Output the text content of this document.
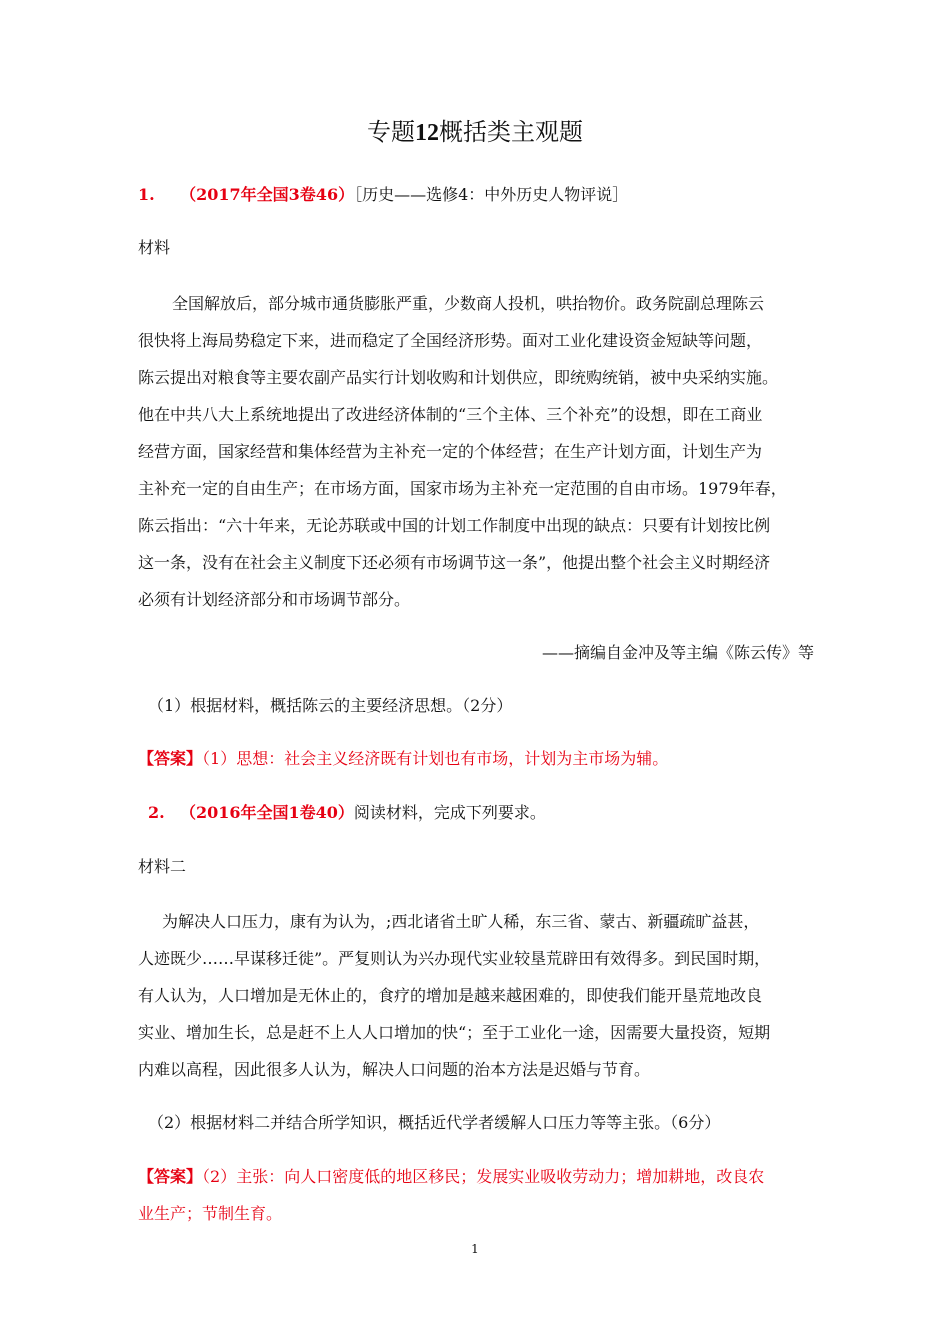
专题12概括类主观题
1. （2017年全国3卷46）［历史——选修4：中外历史人物评说］
材料
全国解放后，部分城市通货膨胀严重，少数商人投机，哄抬物价。政务院副总理陈云
很快将上海局势稳定下来，进而稳定了全国经济形势。面对工业化建设资金短缺等问题，
陈云提出对粮食等主要农副产品实行计划收购和计划供应，即统购统销，被中央采纳实施。
他在中共八大上系统地提出了改进经济体制的“三个主体、三个补充”的设想，即在工商业
经营方面，国家经营和集体经营为主补充一定的个体经营；在生产计划方面，计划生产为
主补充一定的自由生产；在市场方面，国家市场为主补充一定范围的自由市场。1979年春，
陈云指出：“六十年来，无论苏联或中国的计划工作制度中出现的缺点：只要有计划按比例
这一条，没有在社会主义制度下还必须有市场调节这一条”，他提出整个社会主义时期经济
必须有计划经济部分和市场调节部分。
——摘编自金冲及等主编《陈云传》等
（1）根据材料，概括陈云的主要经济思想。（2分）
【答案】（1）思想：社会主义经济既有计划也有市场，计划为主市场为辅。
2. （2016年全国1卷40）阅读材料，完成下列要求。
材料二
为解决人口压力，康有为认为，;西北诸省土旷人稀，东三省、蒙古、新疆疏旷益甚，
人迹既少……早谋移迁徙”。严复则认为兴办现代实业较垦荒辟田有效得多。到民国时期，
有人认为，人口增加是无休止的，食疗的增加是越来越困难的，即使我们能开垦荒地改良
实业、增加生长，总是赶不上人人口增加的快“；至于工业化一途，因需要大量投资，短期
内难以高程，因此很多人认为，解决人口问题的治本方法是迟婚与节育。
（2）根据材料二并结合所学知识，概括近代学者缓解人口压力等等主张。（6分）
【答案】（2）主张：向人口密度低的地区移民；发展实业吸收劳动力；增加耕地，改良农
业生产；节制生育。
1
